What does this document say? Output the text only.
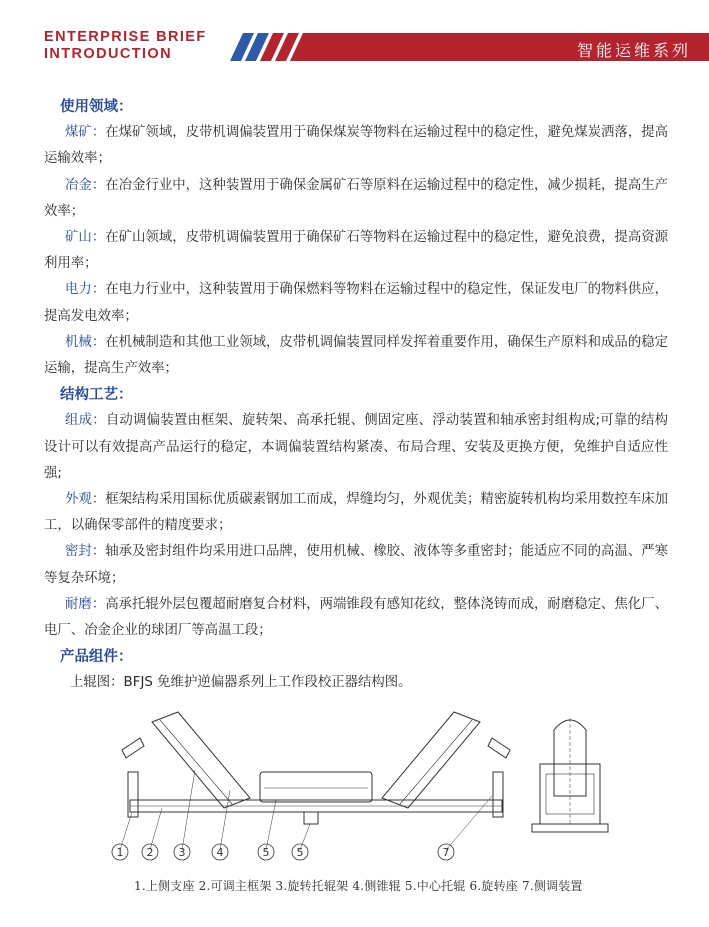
ENTERPRISE BRIEF
INTRODUCTION	智能运维系列
使用领域：
煤矿：在煤矿领域，皮带机调偏装置用于确保煤炭等物料在运输过程中的稳定性，避免煤炭洒落，提高运输效率；
冶金：在冶金行业中，这种装置用于确保金属矿石等原料在运输过程中的稳定性，减少损耗，提高生产效率；
矿山：在矿山领域，皮带机调偏装置用于确保矿石等物料在运输过程中的稳定性，避免浪费，提高资源利用率；
电力：在电力行业中，这种装置用于确保燃料等物料在运输过程中的稳定性，保证发电厂的物料供应，提高发电效率；
机械：在机械制造和其他工业领域，皮带机调偏装置同样发挥着重要作用，确保生产原料和成品的稳定运输，提高生产效率；
结构工艺：
组成：自动调偏装置由框架、旋转架、高承托辊、侧固定座、浮动装置和轴承密封组构成;可靠的结构设计可以有效提高产品运行的稳定，本调偏装置结构紧凑、布局合理、安装及更换方便，免维护自适应性强;
外观：框架结构采用国标优质碳素钢加工而成，焊缝均匀，外观优美；精密旋转机构均采用数控车床加工，以确保零部件的精度要求；
密封：轴承及密封组件均采用进口品牌，使用机械、橡胶、液体等多重密封；能适应不同的高温、严寒等复杂环境；
耐磨：高承托辊外层包覆超耐磨复合材料，两端锥段有感知花纹，整体浇铸而成，耐磨稳定、焦化厂、电厂、冶金企业的球团厂等高温工段；
产品组件：
上辊图：BFJS 免维护逆偏器系列上工作段校正器结构图。
1 2 3	4	5 5	7
1.上侧支座 2.可调主框架 3.旋转托辊架 4.侧锥辊 5.中心托辊 6.旋转座 7.侧调装置
